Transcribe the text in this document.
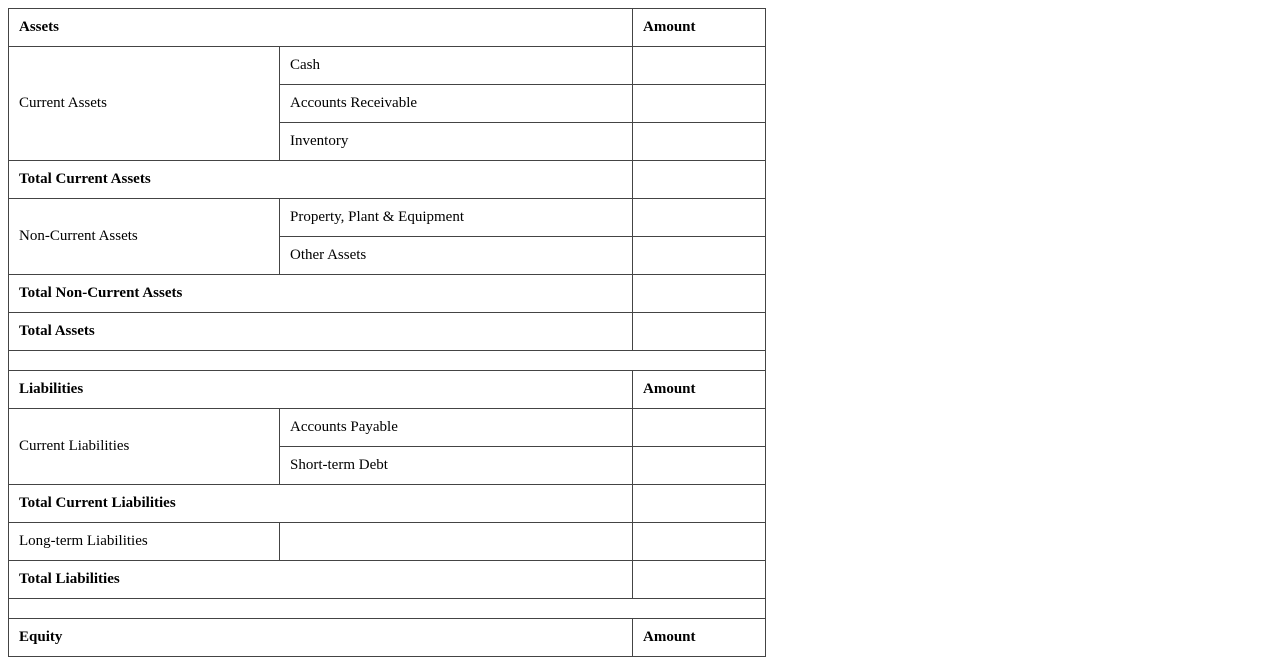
Assets		Amount
Current Assets	Cash	
	Accounts Receivable	
	Inventory	
Total Current Assets		
Non-Current Assets	Property, Plant & Equipment	
	Other Assets	
Total Non-Current Assets		
Total Assets		

Liabilities		Amount
Current Liabilities	Accounts Payable	
	Short-term Debt	
Total Current Liabilities		
Long-term Liabilities		
Total Liabilities		

Equity		Amount
